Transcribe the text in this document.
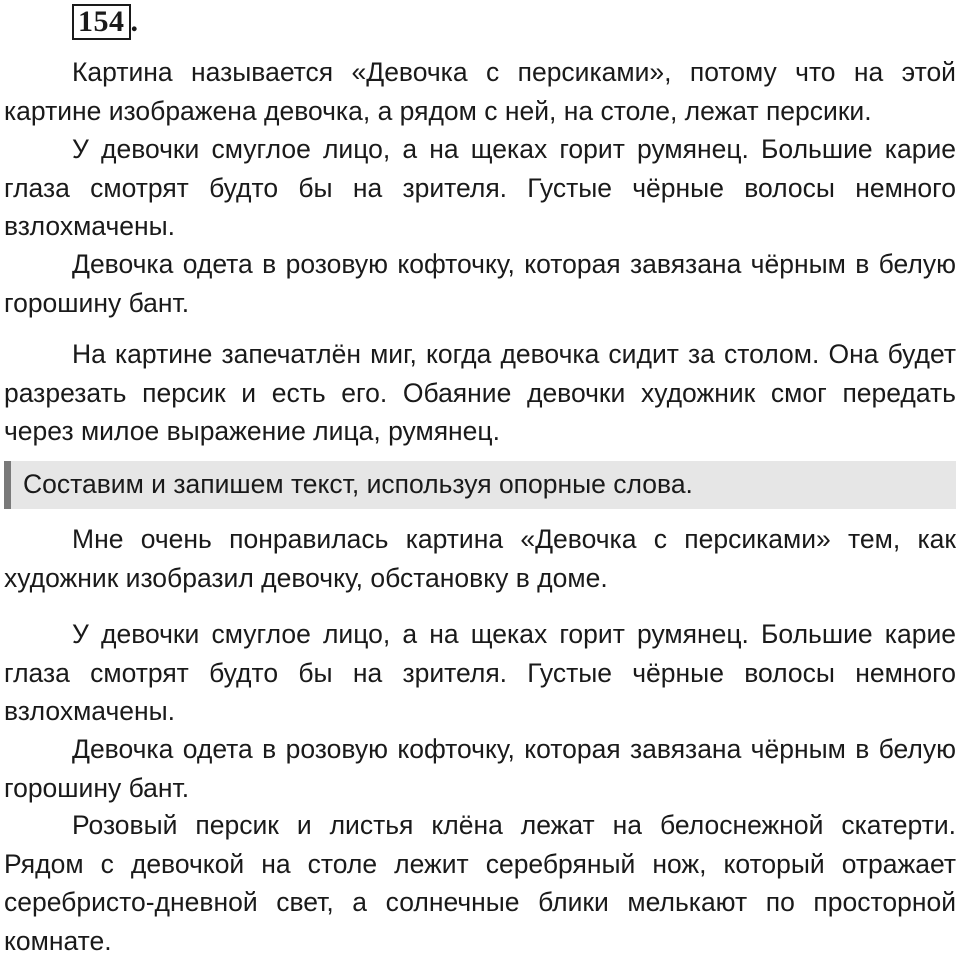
154 .

Картина называется «Девочка с персиками», потому что на этой картине изображена девочка, а рядом с ней, на столе, лежат персики.

У девочки смуглое лицо, а на щеках горит румянец. Большие карие глаза смотрят будто бы на зрителя. Густые чёрные волосы немного взлохмачены.

Девочка одета в розовую кофточку, которая завязана чёрным в белую горошину бант.

На картине запечатлён миг, когда девочка сидит за столом. Она будет разрезать персик и есть его. Обаяние девочки художник смог передать через милое выражение лица, румянец.

Составим и запишем текст, используя опорные слова.

Мне очень понравилась картина «Девочка с персиками» тем, как художник изобразил девочку, обстановку в доме.

У девочки смуглое лицо, а на щеках горит румянец. Большие карие глаза смотрят будто бы на зрителя. Густые чёрные волосы немного взлохмачены.

Девочка одета в розовую кофточку, которая завязана чёрным в белую горошину бант.

Розовый персик и листья клёна лежат на белоснежной скатерти. Рядом с девочкой на столе лежит серебряный нож, который отражает серебристо-дневной свет, а солнечные блики мелькают по просторной комнате.
